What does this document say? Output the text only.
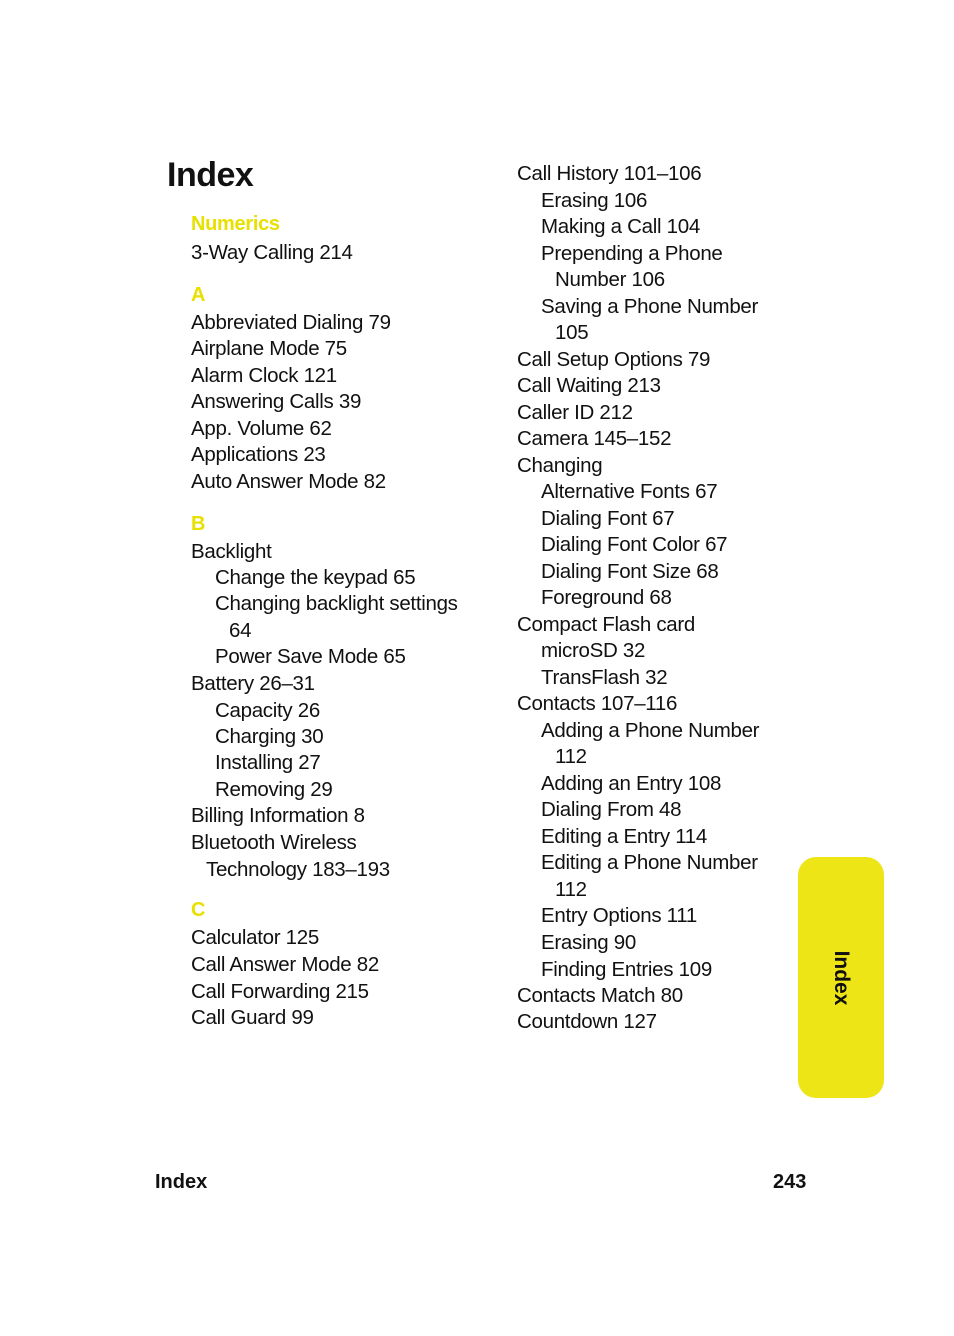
Index
Numerics
3-Way Calling 214
A
Abbreviated Dialing 79
Airplane Mode 75
Alarm Clock 121
Answering Calls 39
App. Volume 62
Applications 23
Auto Answer Mode 82
B
Backlight
Change the keypad 65
Changing backlight settings
64
Power Save Mode 65
Battery 26–31
Capacity 26
Charging 30
Installing 27
Removing 29
Billing Information 8
Bluetooth Wireless
Technology 183–193
C
Calculator 125
Call Answer Mode 82
Call Forwarding 215
Call Guard 99
Call History 101–106
Erasing 106
Making a Call 104
Prepending a Phone
Number 106
Saving a Phone Number
105
Call Setup Options 79
Call Waiting 213
Caller ID 212
Camera 145–152
Changing
Alternative Fonts 67
Dialing Font 67
Dialing Font Color 67
Dialing Font Size 68
Foreground 68
Compact Flash card
microSD 32
TransFlash 32
Contacts 107–116
Adding a Phone Number
112
Adding an Entry 108
Dialing From 48
Editing a Entry 114
Editing a Phone Number
112
Entry Options 111
Erasing 90
Finding Entries 109
Contacts Match 80
Countdown 127
Index
Index	243
